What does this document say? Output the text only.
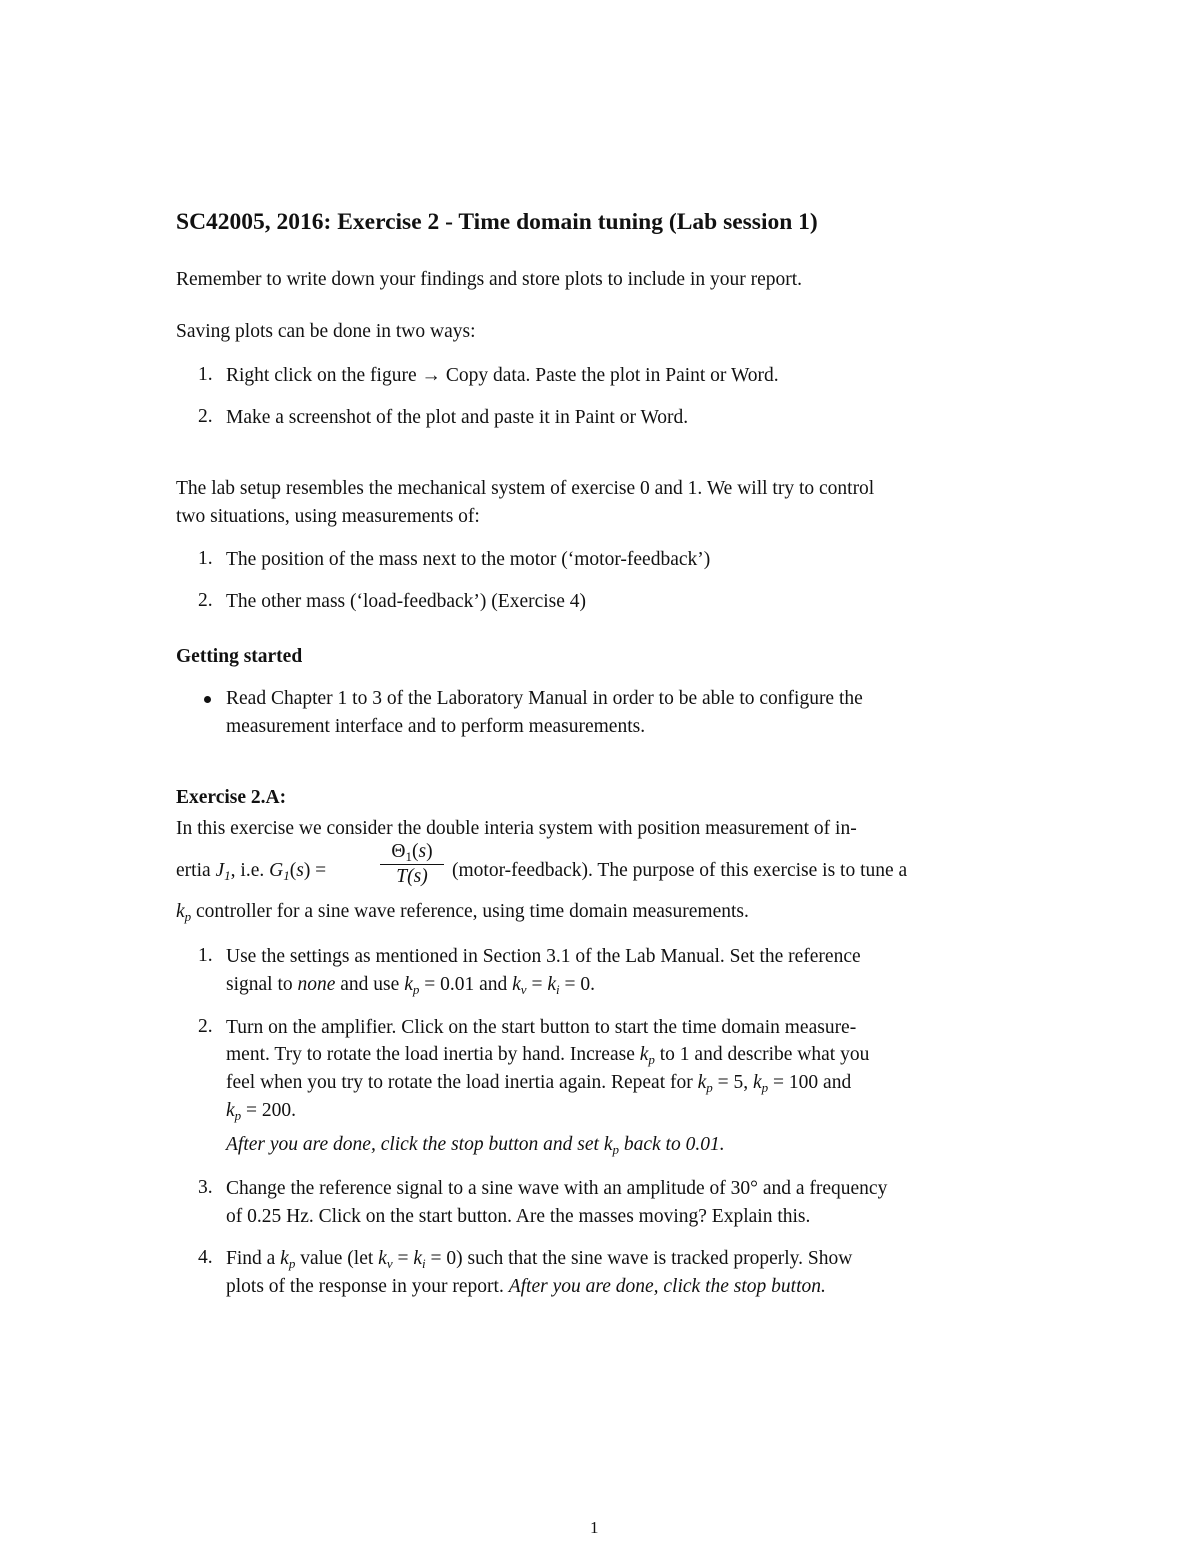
SC42005, 2016: Exercise 2 - Time domain tuning (Lab session 1)
Remember to write down your findings and store plots to include in your report.
Saving plots can be done in two ways:
1. Right click on the figure → Copy data. Paste the plot in Paint or Word.
2. Make a screenshot of the plot and paste it in Paint or Word.
The lab setup resembles the mechanical system of exercise 0 and 1. We will try to control
two situations, using measurements of:
1. The position of the mass next to the motor (‘motor-feedback’)
2. The other mass (‘load-feedback’) (Exercise 4)
Getting started
Read Chapter 1 to 3 of the Laboratory Manual in order to be able to configure the
measurement interface and to perform measurements.
Exercise 2.A:
In this exercise we consider the double interia system with position measurement of in-
ertia $J_1$, i.e. $G_1(s)$ =
$\Theta_1(s)$
T(s)	(motor-feedback). The purpose of this exercise is to tune a
$k_p$ controller for a sine wave reference, using time domain measurements.
1. Use the settings as mentioned in Section 3.1 of the Lab Manual. Set the reference
signal to none and use $k_p = 0.01$ and $k_v = k_i = 0$.
2. Turn on the amplifier. Click on the start button to start the time domain measure-
ment. Try to rotate the load inertia by hand. Increase $k_p$ to 1 and describe what you
feel when you try to rotate the load inertia again. Repeat for $k_p = 5$, $k_p = 100$ and
$k_p = 200$.
After you are done, click the stop button and set $k_p$ back to 0.01.
3. Change the reference signal to a sine wave with an amplitude of 30° and a frequency
of 0.25 Hz. Click on the start button. Are the masses moving? Explain this.
4. Find a $k_p$ value (let $k_v = k_i = 0$) such that the sine wave is tracked properly. Show
plots of the response in your report. After you are done, click the stop button.
1
